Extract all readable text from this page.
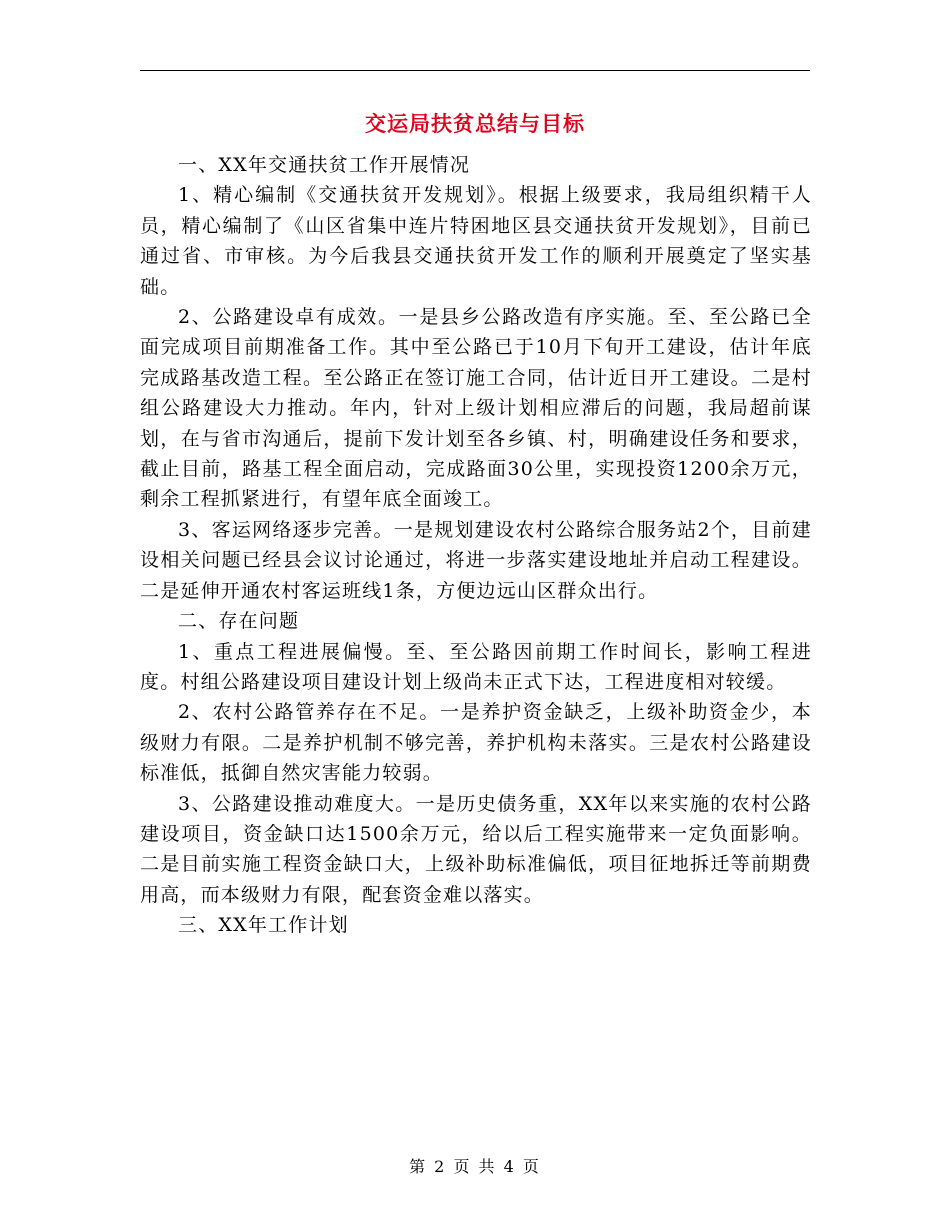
交运局扶贫总结与目标

一、XX年交通扶贫工作开展情况

1、精心编制《交通扶贫开发规划》。根据上级要求，我局组织精干人员，精心编制了《山区省集中连片特困地区县交通扶贫开发规划》，目前已通过省、市审核。为今后我县交通扶贫开发工作的顺利开展奠定了坚实基础。

2、公路建设卓有成效。一是县乡公路改造有序实施。至、至公路已全面完成项目前期准备工作。其中至公路已于10月下旬开工建设，估计年底完成路基改造工程。至公路正在签订施工合同，估计近日开工建设。二是村组公路建设大力推动。年内，针对上级计划相应滞后的问题，我局超前谋划，在与省市沟通后，提前下发计划至各乡镇、村，明确建设任务和要求，截止目前，路基工程全面启动，完成路面30公里，实现投资1200余万元，剩余工程抓紧进行，有望年底全面竣工。

3、客运网络逐步完善。一是规划建设农村公路综合服务站2个，目前建设相关问题已经县会议讨论通过，将进一步落实建设地址并启动工程建设。二是延伸开通农村客运班线1条，方便边远山区群众出行。

二、存在问题

1、重点工程进展偏慢。至、至公路因前期工作时间长，影响工程进度。村组公路建设项目建设计划上级尚未正式下达，工程进度相对较缓。

2、农村公路管养存在不足。一是养护资金缺乏，上级补助资金少，本级财力有限。二是养护机制不够完善，养护机构未落实。三是农村公路建设标准低，抵御自然灾害能力较弱。

3、公路建设推动难度大。一是历史债务重，XX年以来实施的农村公路建设项目，资金缺口达1500余万元，给以后工程实施带来一定负面影响。二是目前实施工程资金缺口大，上级补助标准偏低，项目征地拆迁等前期费用高，而本级财力有限，配套资金难以落实。

三、XX年工作计划

第 2 页 共 4 页
